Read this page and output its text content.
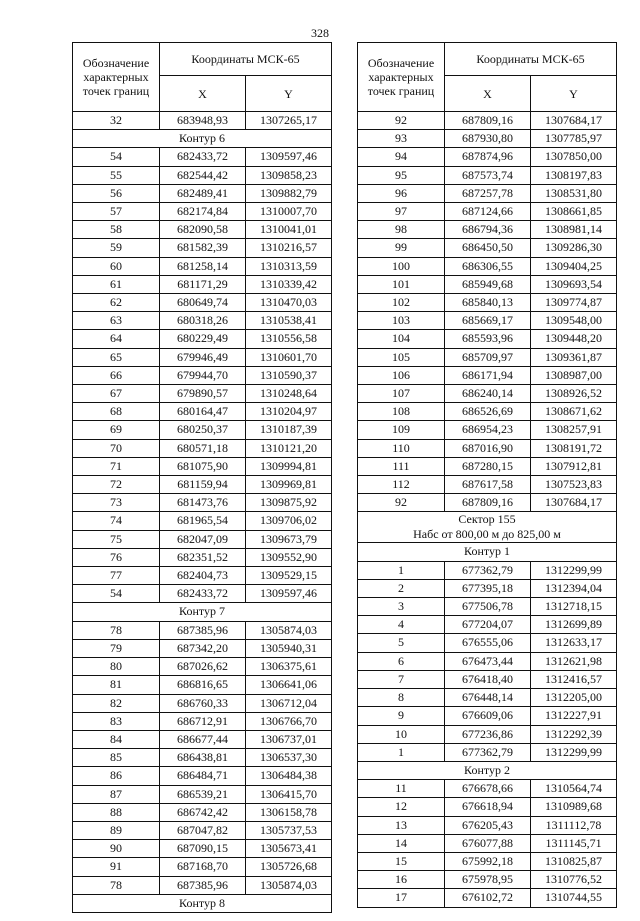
328
Обозначение характерных точек границ	Координаты МСК-65	
	X	Y
32	683948,93	1307265,17
Контур 6		
54	682433,72	1309597,46
55	682544,42	1309858,23
56	682489,41	1309882,79
57	682174,84	1310007,70
58	682090,58	1310041,01
59	681582,39	1310216,57
60	681258,14	1310313,59
61	681171,29	1310339,42
62	680649,74	1310470,03
63	680318,26	1310538,41
64	680229,49	1310556,58
65	679946,49	1310601,70
66	679944,70	1310590,37
67	679890,57	1310248,64
68	680164,47	1310204,97
69	680250,37	1310187,39
70	680571,18	1310121,20
71	681075,90	1309994,81
72	681159,94	1309969,81
73	681473,76	1309875,92
74	681965,54	1309706,02
75	682047,09	1309673,79
76	682351,52	1309552,90
77	682404,73	1309529,15
54	682433,72	1309597,46
Контур 7		
78	687385,96	1305874,03
79	687342,20	1305940,31
80	687026,62	1306375,61
81	686816,65	1306641,06
82	686760,33	1306712,04
83	686712,91	1306766,70
84	686677,44	1306737,01
85	686438,81	1306537,30
86	686484,71	1306484,38
87	686539,21	1306415,70
88	686742,42	1306158,78
89	687047,82	1305737,53
90	687090,15	1305673,41
91	687168,70	1305726,68
78	687385,96	1305874,03
Контур 8		
Обозначение характерных точек границ	Координаты МСК-65	
	X	Y
92	687809,16	1307684,17
93	687930,80	1307785,97
94	687874,96	1307850,00
95	687573,74	1308197,83
96	687257,78	1308531,80
97	687124,66	1308661,85
98	686794,36	1308981,14
99	686450,50	1309286,30
100	686306,55	1309404,25
101	685949,68	1309693,54
102	685840,13	1309774,87
103	685669,17	1309548,00
104	685593,96	1309448,20
105	685709,97	1309361,87
106	686171,94	1308987,00
107	686240,14	1308926,52
108	686526,69	1308671,62
109	686954,23	1308257,91
110	687016,90	1308191,72
111	687280,15	1307912,81
112	687617,58	1307523,83
92	687809,16	1307684,17

Сектор 155
Набс от 800,00 м до 825,00 м		

Контур 1		
1	677362,79	1312299,99
2	677395,18	1312394,04
3	677506,78	1312718,15
4	677204,07	1312699,89
5	676555,06	1312633,17
6	676473,44	1312621,98
7	676418,40	1312416,57
8	676448,14	1312205,00
9	676609,06	1312227,91
10	677236,86	1312292,39
1	677362,79	1312299,99
Контур 2		
11	676678,66	1310564,74
12	676618,94	1310989,68
13	676205,43	1311112,78
14	676077,88	1311145,71
15	675992,18	1310825,87
16	675978,95	1310776,52
17	676102,72	1310744,55
